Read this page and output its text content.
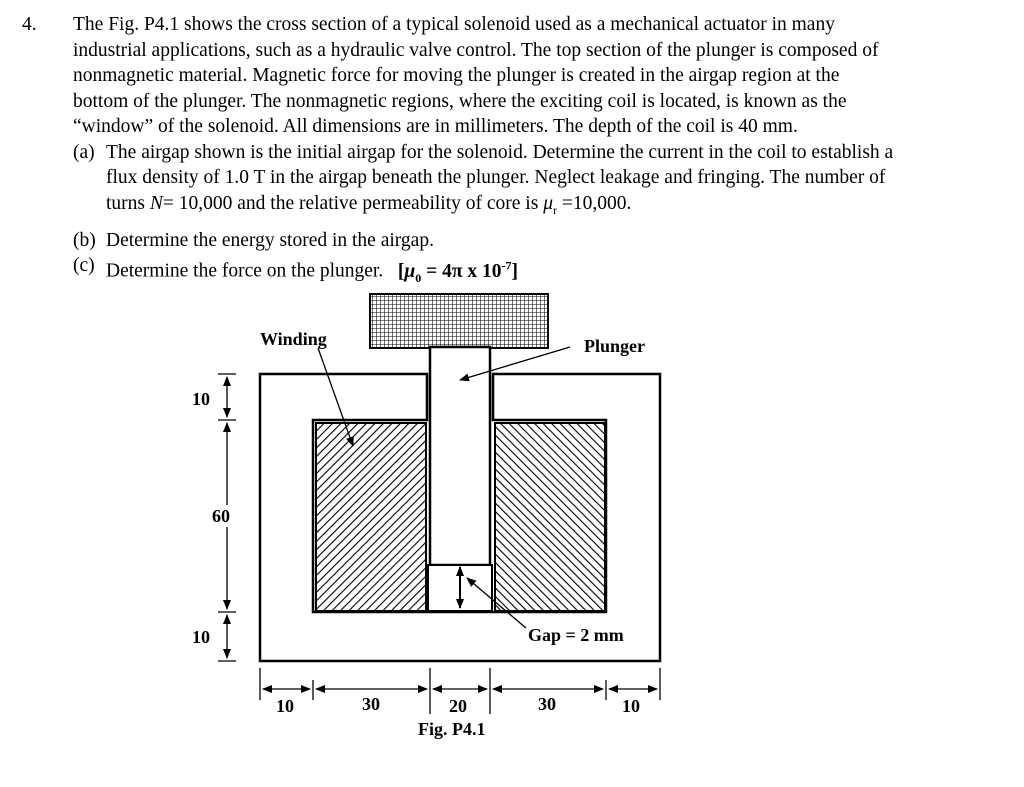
4. The Fig. P4.1 shows the cross section of a typical solenoid used as a mechanical actuator in many
industrial applications, such as a hydraulic valve control. The top section of the plunger is composed of
nonmagnetic material. Magnetic force for moving the plunger is created in the airgap region at the
bottom of the plunger. The nonmagnetic regions, where the exciting coil is located, is known as the
“window” of the solenoid. All dimensions are in millimeters. The depth of the coil is 40 mm.
(a) The airgap shown is the initial airgap for the solenoid. Determine the current in the coil to establish a
flux density of 1.0 T in the airgap beneath the plunger. Neglect leakage and fringing. The number of
turns N= 10,000 and the relative permeability of core is $\mu_r =10,000$.
(b) Determine the energy stored in the airgap.
(c) Determine the force on the plunger. [$\mu_0 = 4\pi$ x $10^{-7}$]
Winding	Plunger
Gap = 2 mm
10
60
10
10	30	20	30	10
Fig. P4.1
